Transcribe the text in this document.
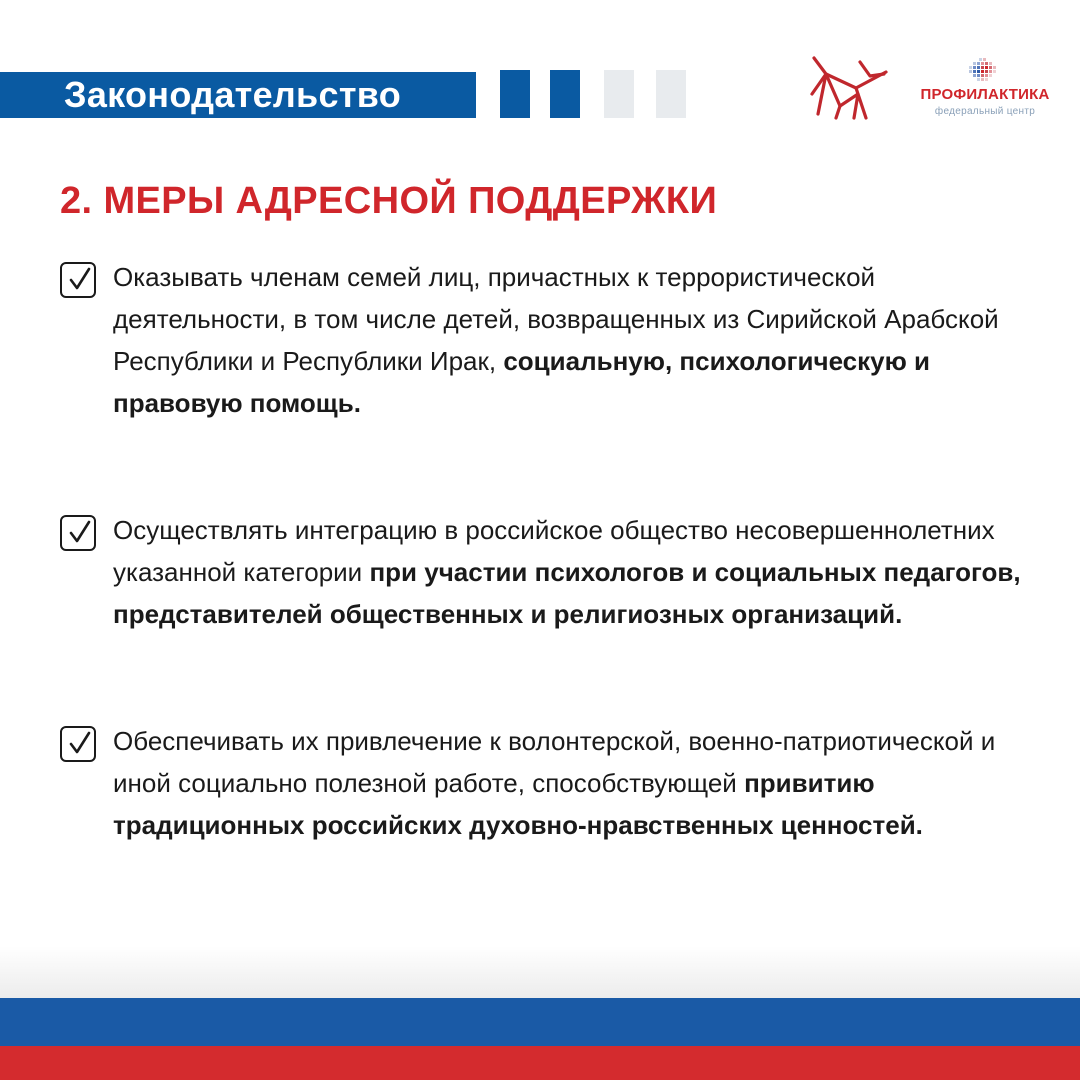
Законодательство	ПРОФИЛАКТИКА
федеральный центр
2. МЕРЫ АДРЕСНОЙ ПОДДЕРЖКИ
Оказывать членам семей лиц, причастных к террористической деятельности, в том числе детей, возвращенных из Сирийской Арабской Республики и Республики Ирак, социальную, психологическую и правовую помощь.
Осуществлять интеграцию в российское общество несовершеннолетних указанной категории при участии психологов и социальных педагогов, представителей общественных и религиозных организаций.
Обеспечивать их привлечение к волонтерской, военно-патриотической и иной социально полезной работе, способствующей привитию традиционных российских духовно-нравственных ценностей.
